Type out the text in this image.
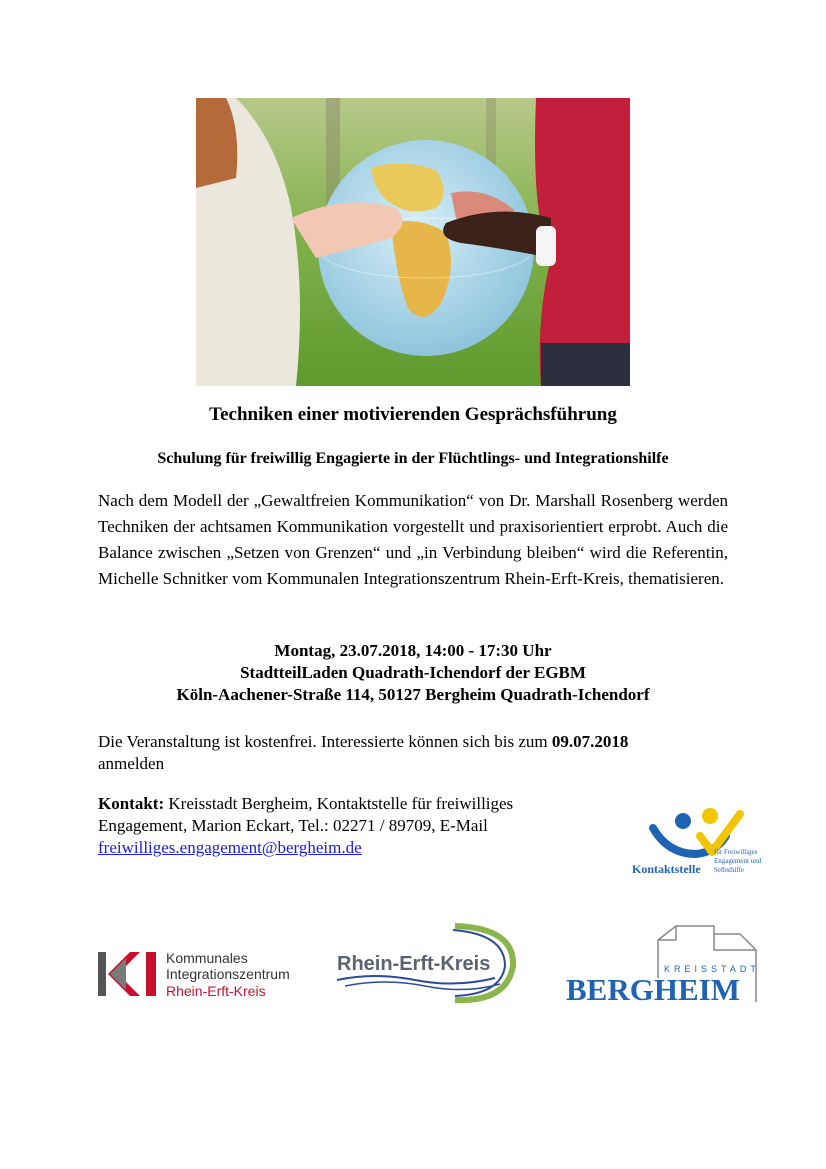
Techniken einer motivierenden Gesprächsführung
Schulung für freiwillig Engagierte in der Flüchtlings- und Integrationshilfe
Nach dem Modell der „Gewaltfreien Kommunikation“ von Dr. Marshall Rosenberg werden Techniken der achtsamen Kommunikation vorgestellt und praxisorientiert erprobt. Auch die Balance zwischen „Setzen von Grenzen“ und „in Verbindung bleiben“ wird die Referentin, Michelle Schnitker vom Kommunalen Integrationszentrum Rhein-Erft-Kreis, thematisieren.
Montag, 23.07.2018, 14:00 - 17:30 Uhr
StadtteilLaden Quadrath-Ichendorf der EGBM
Köln-Aachener-Straße 114, 50127 Bergheim Quadrath-Ichendorf
Die Veranstaltung ist kostenfrei. Interessierte können sich bis zum 09.07.2018
anmelden
Kontakt: Kreisstadt Bergheim, Kontaktstelle für freiwilliges Engagement, Marion Eckart, Tel.: 02271 / 89709, E-Mail
freiwilliges.engagement@bergheim.de
Kontaktstelle
für Freiwilliges
Engagement und
Selbsthilfe
Kommunales
Integrationszentrum
Rhein-Erft-Kreis
Rhein-Erft-Kreis	KREISSTADT
BERGHEIM
